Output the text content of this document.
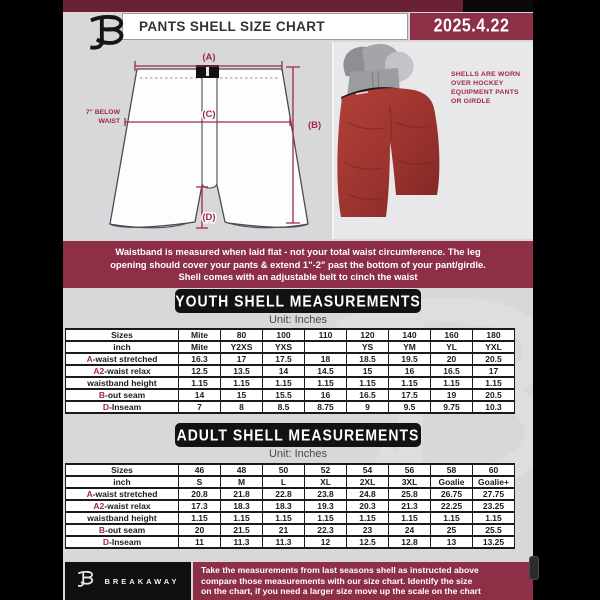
PANTS SHELL SIZE CHART	2025.4.22
(A)
(B)
(C)
(D)
7" BELOW
WAIST
SHELLS ARE WORN
OVER HOCKEY
EQUIPMENT PANTS
OR GIRDLE
Waistband is measured when laid flat - not your total waist circumference. The leg
opening should cover your pants & extend 1"-2" past the bottom of your pant/girdle.
Shell comes with an adjustable belt to cinch the waist
YOUTH SHELL MEASUREMENTS
Unit: Inches
Sizes	Mite	80	100	110	120	140	160	180
inch	Mite	Y2XS	YXS		YS	YM	YL	YXL
A-waist stretched	16.3	17	17.5	18	18.5	19.5	20	20.5
A2-waist relax	12.5	13.5	14	14.5	15	16	16.5	17
waistband height	1.15	1.15	1.15	1.15	1.15	1.15	1.15	1.15
B-out seam	14	15	15.5	16	16.5	17.5	19	20.5
D-Inseam	7	8	8.5	8.75	9	9.5	9.75	10.3
ADULT SHELL MEASUREMENTS
Unit: Inches
Sizes	46	48	50	52	54	56	58	60
inch	S	M	L	XL	2XL	3XL	Goalie	Goalie+
A-waist stretched	20.8	21.8	22.8	23.8	24.8	25.8	26.75	27.75
A2-waist relax	17.3	18.3	18.3	19.3	20.3	21.3	22.25	23.25
waistband height	1.15	1.15	1.15	1.15	1.15	1.15	1.15	1.15
B-out seam	20	21.5	21	22.3	23	24	25	25.5
D-Inseam	11	11.3	11.3	12	12.5	12.8	13	13.25
BREAKAWAY
Take the measurements from last seasons shell as instructed above
compare those measurements with our size chart. Identify the size
on the chart, if you need a larger size move up the scale on the chart
